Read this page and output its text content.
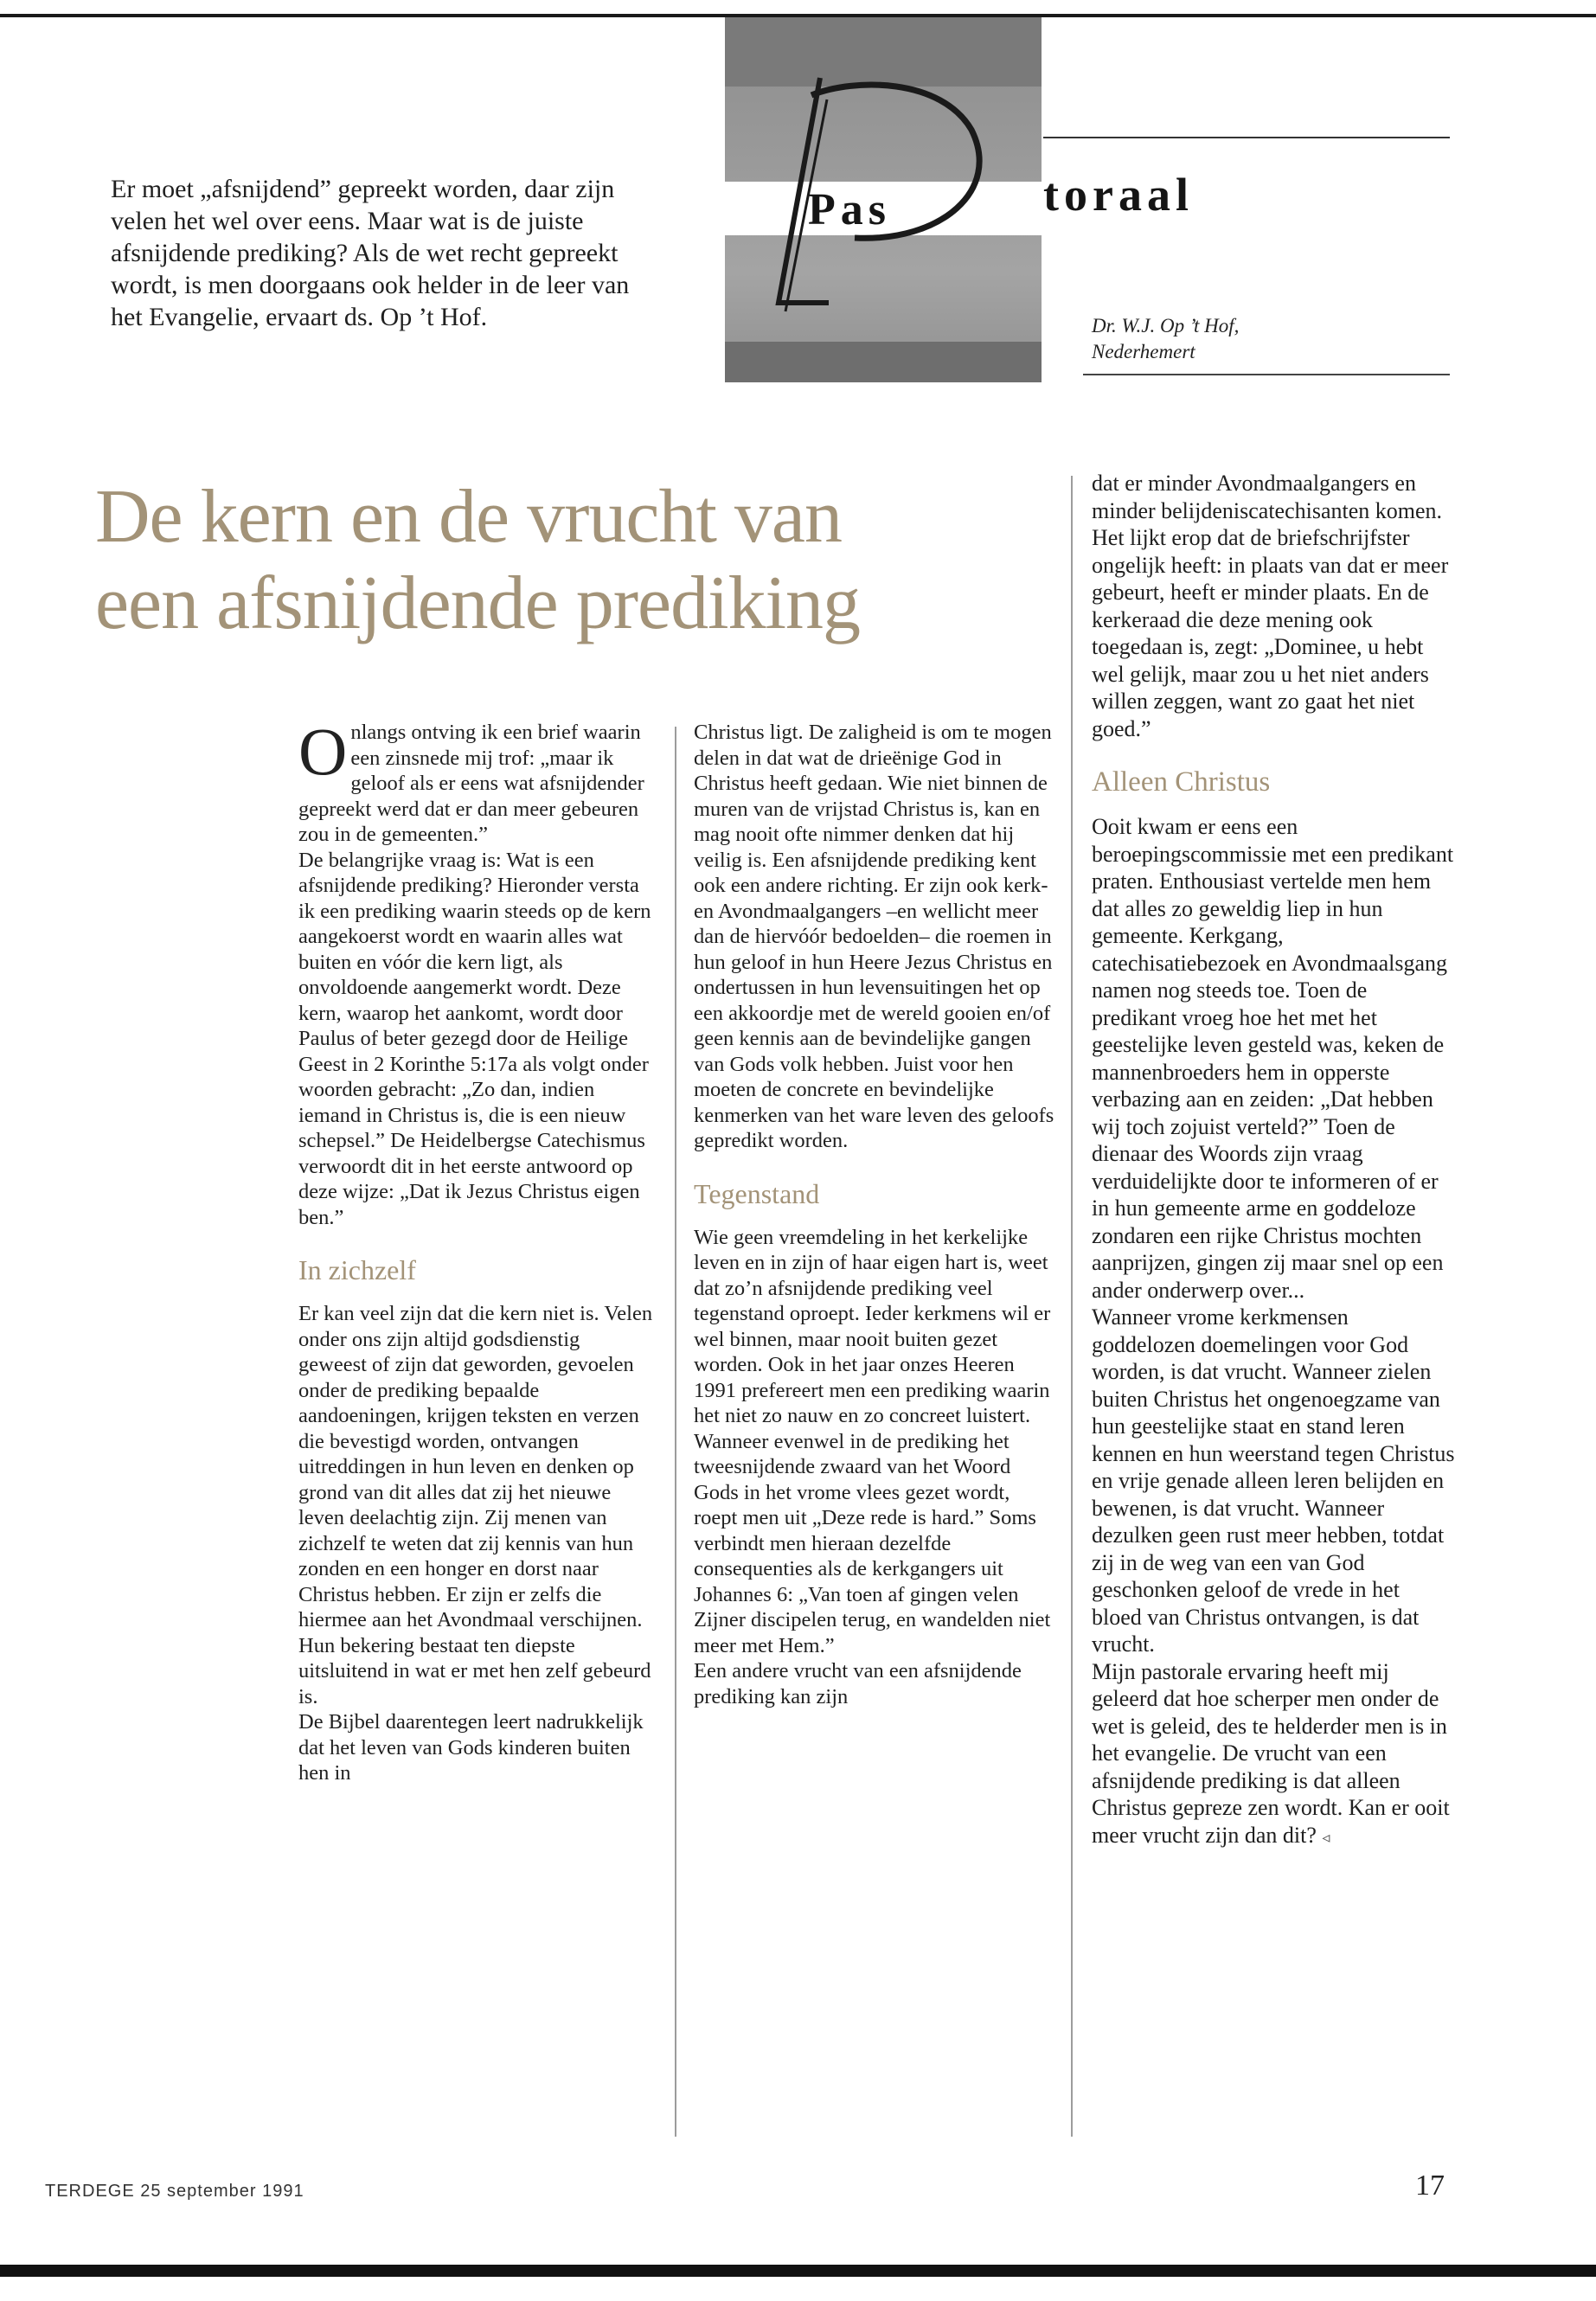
Pas	toraal
Er moet „afsnijdend” gepreekt worden, daar zijn velen het wel over eens. Maar wat is de juiste afsnijdende prediking? Als de wet recht gepreekt wordt, is men doorgaans ook helder in de leer van het Evangelie, ervaart ds. Op ’t Hof.	Dr. W.J. Op ’t Hof,
Nederhemert
De kern en de vrucht van
een afsnijdende prediking

Onlangs ontving ik een brief waarin een zinsnede mij trof: „maar ik geloof als er eens wat afsnijdender gepreekt werd dat er dan meer gebeuren zou in de gemeenten.”

De belangrijke vraag is: Wat is een afsnijdende prediking? Hieronder versta ik een prediking waarin steeds op de kern aangekoerst wordt en waarin alles wat buiten en vóór die kern ligt, als onvoldoende aangemerkt wordt. Deze kern, waarop het aankomt, wordt door Paulus of beter gezegd door de Heilige Geest in 2 Korinthe 5:17a als volgt onder woorden gebracht: „Zo dan, indien iemand in Christus is, die is een nieuw schepsel.” De Heidelbergse Catechismus verwoordt dit in het eerste antwoord op deze wijze: „Dat ik Jezus Christus eigen ben.”

In zichzelf

Er kan veel zijn dat die kern niet is. Velen onder ons zijn altijd godsdienstig geweest of zijn dat geworden, gevoelen onder de prediking bepaalde aandoeningen, krijgen teksten en verzen die bevestigd worden, ontvangen uitreddingen in hun leven en denken op grond van dit alles dat zij het nieuwe leven deelachtig zijn. Zij menen van zichzelf te weten dat zij kennis van hun zonden en een honger en dorst naar Christus hebben. Er zijn er zelfs die hiermee aan het Avondmaal verschijnen. Hun bekering bestaat ten diepste uitsluitend in wat er met hen zelf gebeurd is.

De Bijbel daarentegen leert nadrukkelijk dat het leven van Gods kinderen buiten hen in

Christus ligt. De zaligheid is om te mogen delen in dat wat de drieënige God in Christus heeft gedaan. Wie niet binnen de muren van de vrijstad Christus is, kan en mag nooit ofte nimmer denken dat hij veilig is. Een afsnijdende prediking kent ook een andere richting. Er zijn ook kerk- en Avondmaalgangers –en wellicht meer dan de hiervóór bedoelden– die roemen in hun geloof in hun Heere Jezus Christus en ondertussen in hun levensuitingen het op een akkoordje met de wereld gooien en/of geen kennis aan de bevindelijke gangen van Gods volk hebben. Juist voor hen moeten de concrete en bevindelijke kenmerken van het ware leven des geloofs gepredikt worden.

Tegenstand

Wie geen vreemdeling in het kerkelijke leven en in zijn of haar eigen hart is, weet dat zo’n afsnijdende prediking veel tegenstand oproept. Ieder kerkmens wil er wel binnen, maar nooit buiten gezet worden. Ook in het jaar onzes Heeren 1991 prefereert men een prediking waarin het niet zo nauw en zo concreet luistert. Wanneer evenwel in de prediking het tweesnijdende zwaard van het Woord Gods in het vrome vlees gezet wordt, roept men uit „Deze rede is hard.” Soms verbindt men hieraan dezelfde consequenties als de kerkgangers uit Johannes 6: „Van toen af gingen velen Zijner discipelen terug, en wandelden niet meer met Hem.”

Een andere vrucht van een afsnijdende prediking kan zijn

dat er minder Avondmaalgangers en minder belijdeniscatechisanten komen. Het lijkt erop dat de briefschrijfster ongelijk heeft: in plaats van dat er meer gebeurt, heeft er minder plaats. En de kerkeraad die deze mening ook toegedaan is, zegt: „Dominee, u hebt wel gelijk, maar zou u het niet anders willen zeggen, want zo gaat het niet goed.”

Alleen Christus

Ooit kwam er eens een beroepingscommissie met een predikant praten. Enthousiast vertelde men hem dat alles zo geweldig liep in hun gemeente. Kerkgang, catechisatiebezoek en Avondmaalsgang namen nog steeds toe. Toen de predikant vroeg hoe het met het geestelijke leven gesteld was, keken de mannenbroeders hem in opperste verbazing aan en zeiden: „Dat hebben wij toch zojuist verteld?” Toen de dienaar des Woords zijn vraag verduidelijkte door te informeren of er in hun gemeente arme en goddeloze zondaren een rijke Christus mochten aanprijzen, gingen zij maar snel op een ander onderwerp over...

Wanneer vrome kerkmensen goddelozen doemelingen voor God worden, is dat vrucht. Wanneer zielen buiten Christus het ongenoegzame van hun geestelijke staat en stand leren kennen en hun weerstand tegen Christus en vrije genade alleen leren belijden en bewenen, is dat vrucht. Wanneer dezulken geen rust meer hebben, totdat zij in de weg van een van God geschonken geloof de vrede in het bloed van Christus ontvangen, is dat vrucht.

Mijn pastorale ervaring heeft mij geleerd dat hoe scherper men onder de wet is geleid, des te helderder men is in het evangelie. De vrucht van een afsnijdende prediking is dat alleen Christus gepreze zen wordt. Kan er ooit meer vrucht zijn dan dit? ◃

TERDEGE 25 september 1991	17
